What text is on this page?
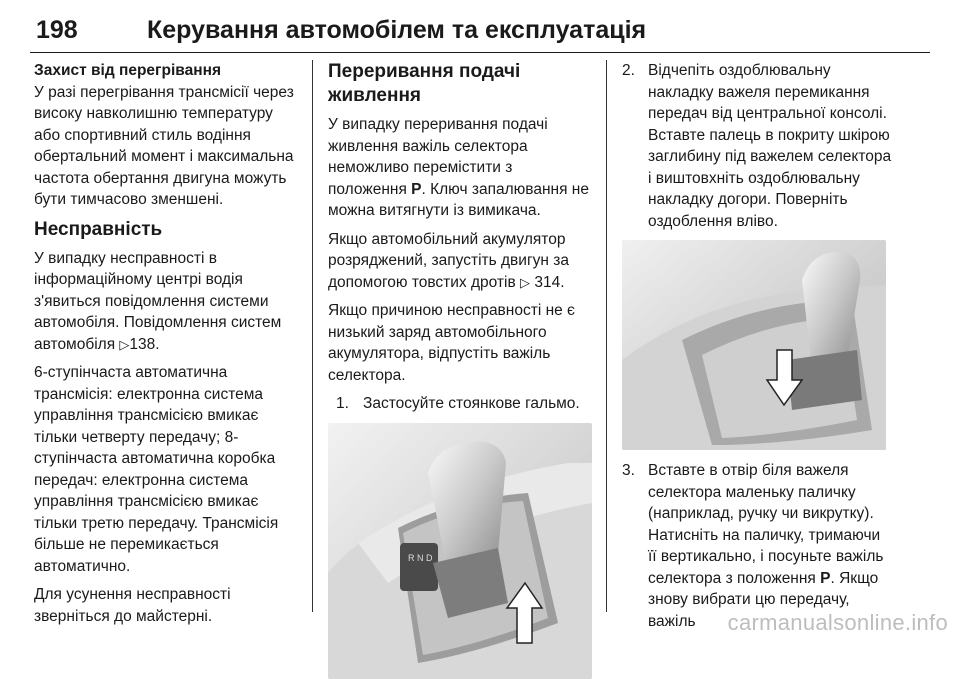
198	Керування автомобілем та експлуатація
Захист від перегрівання

У разі перегрівання трансмісії через високу навколишню температуру або спортивний стиль водіння обертальний момент і максимальна частота обертання двигуна можуть бути тимчасово зменшені.

Несправність

У випадку несправності в інформаційному центрі водія з'явиться повідомлення системи автомобіля. Повідомлення систем автомобіля ▷138.

6-ступінчаста автоматична трансмісія: електронна система управління трансмісією вмикає тільки четверту передачу; 8-ступінчаста автоматична коробка передач: електронна система управління трансмісією вмикає тільки третю передачу. Трансмісія більше не перемикається автоматично.

Для усунення несправності зверніться до майстерні.

Переривання подачі живлення

У випадку переривання подачі живлення важіль селектора неможливо перемістити з положення P. Ключ запалювання не можна витягнути із вимикача.

Якщо автомобільний акумулятор розряджений, запустіть двигун за допомогою товстих дротів ▷ 314.

Якщо причиною несправності не є низький заряд автомобільного акумулятора, відпустіть важіль селектора.

1. Застосуйте стоянкове гальмо.
R N D
2. Відчепіть оздоблювальну накладку важеля перемикання передач від центральної консолі. Вставте палець в покриту шкірою заглибину під важелем селектора і виштовхніть оздоблювальну накладку догори. Поверніть оздоблення вліво.
3. Вставте в отвір біля важеля селектора маленьку паличку (наприклад, ручку чи викрутку). Натисніть на паличку, тримаючи її вертикально, і посуньте важіль селектора з положення P. Якщо знову вибрати цю передачу, важіль	carmanualsonline.info
